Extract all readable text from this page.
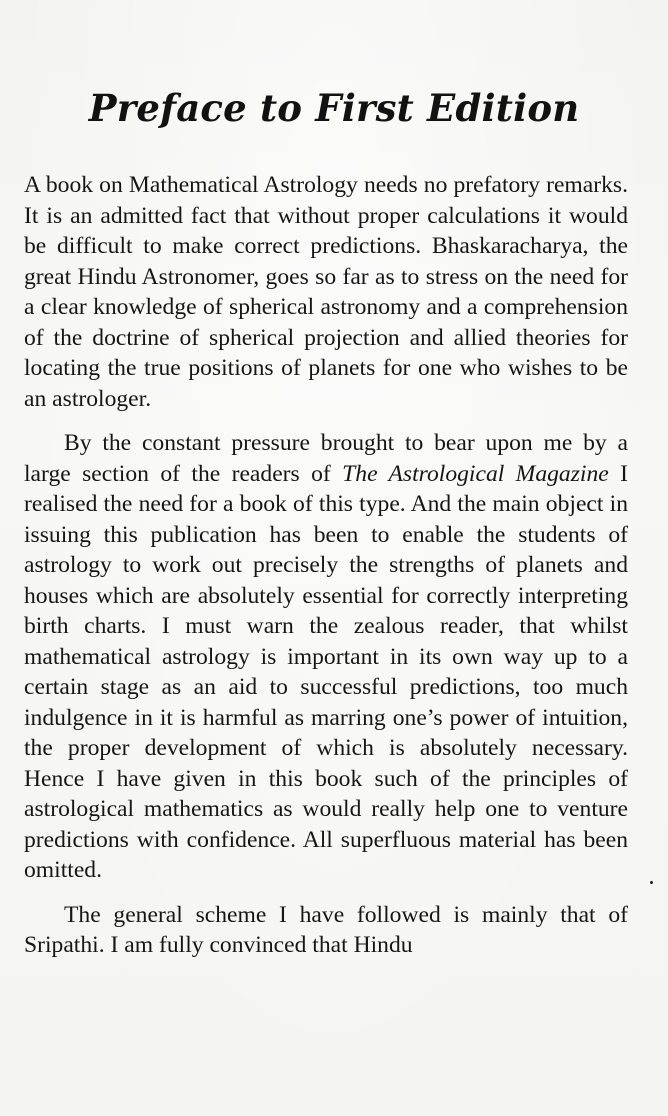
Preface to First Edition

A book on Mathematical Astrology needs no prefatory remarks. It is an admitted fact that without proper calculations it would be difficult to make correct predictions. Bhaskaracharya, the great Hindu Astronomer, goes so far as to stress on the need for a clear knowledge of spherical astronomy and a comprehension of the doctrine of spherical projection and allied theories for locating the true positions of planets for one who wishes to be an astrologer.

By the constant pressure brought to bear upon me by a large section of the readers of The Astrological Magazine I realised the need for a book of this type. And the main object in issuing this publication has been to enable the students of astrology to work out precisely the strengths of planets and houses which are absolutely essential for correctly interpreting birth charts. I must warn the zealous reader, that whilst mathematical astrology is important in its own way up to a certain stage as an aid to successful predictions, too much indulgence in it is harmful as marring one’s power of intuition, the proper development of which is absolutely necessary. Hence I have given in this book such of the principles of astrological mathematics as would really help one to venture predictions with confidence. All superfluous material has been omitted.

The general scheme I have followed is mainly that of Sripathi. I am fully convinced that Hindu
